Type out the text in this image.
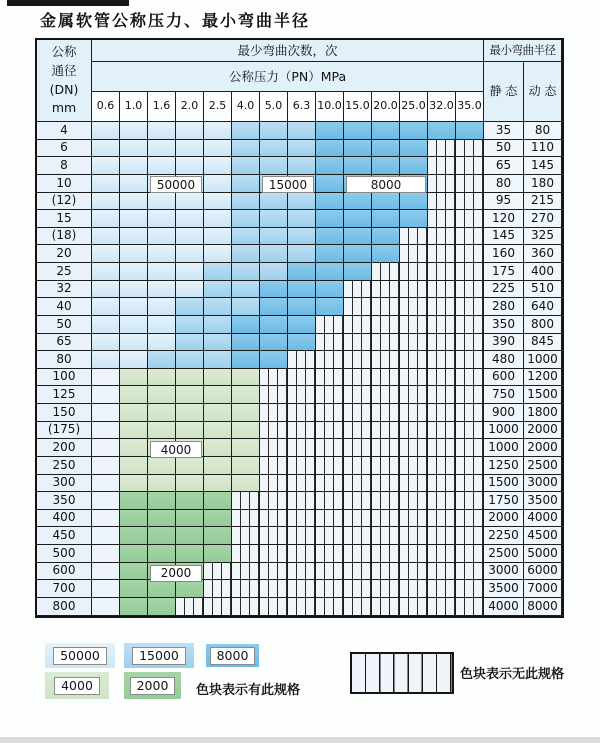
金属软管公称压力、最小弯曲半径
公称
通径
(DN)
mm
最少弯曲次数，次	最小弯曲半径
公称压力（PN）MPa
静 态 动 态
0.6 1.0 1.6 2.0 2.5 4.0 5.0 6.3 10.0 15.0 20.0 25.0 32.0 35.0
4	35	80
6	50	110
8	65	145
10	80	180
(12)	95	215
15	120	270
(18)	145	325
20	160	360
25	175	400
32	225	510
40	280	640
50	350	800
65	390	845
80	480	1000
100	600	1200
125	750	1500
150	900	1800
(175)	1000 2000
200	1000 2000
250	1250 2500
300	1500 3000
350	1750 3500
400	2000 4000
450	2250 4500
500	2500 5000
600	3000 6000
700	3500 7000
800	4000 8000
50000	15000	8000
4000
2000
50000	15000	8000
4000	2000	色块表示有此规格
色块表示无此规格
